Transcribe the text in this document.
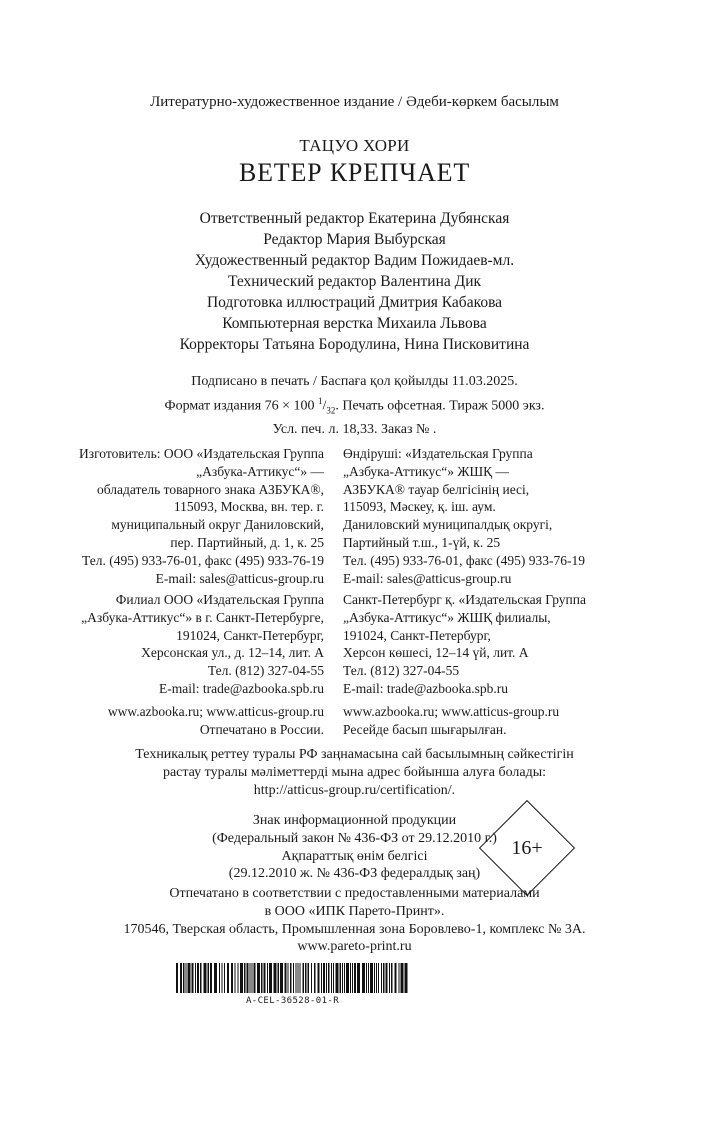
Литературно-художественное издание / Әдеби-көркем басылым
ТАЦУО ХОРИ
ВЕТЕР КРЕПЧАЕТ
Ответственный редактор Екатерина Дубянская
Редактор Мария Выбурская
Художественный редактор Вадим Пожидаев-мл.
Технический редактор Валентина Дик
Подготовка иллюстраций Дмитрия Кабакова
Компьютерная верстка Михаила Львова
Корректоры Татьяна Бородулина, Нина Писковитина
Подписано в печать / Баспаға қол қойылды 11.03.2025.
Формат издания 76 × 100 $^1/_{32}$. Печать офсетная. Тираж 5000 экз.
Усл. печ. л. 18,33. Заказ № .
Изготовитель: ООО «Издательская Группа
„Азбука-Аттикус“» —
обладатель товарного знака АЗБУКА®,
115093, Москва, вн. тер. г.
муниципальный округ Даниловский,
пер. Партийный, д. 1, к. 25
Тел. (495) 933-76-01, факс (495) 933-76-19
E-mail: sales@atticus-group.ru
Өндіруші: «Издательская Группа
„Азбука-Аттикус“» ЖШҚ —
АЗБУКА® тауар белгісінің иесі,
115093, Мәскеу, қ. іш. аум.
Даниловский муниципалдық округі,
Партийный т.ш., 1-үй, к. 25
Тел. (495) 933-76-01, факс (495) 933-76-19
E-mail: sales@atticus-group.ru
Филиал ООО «Издательская Группа
„Азбука-Аттикус“» в г. Санкт-Петербурге,
191024, Санкт-Петербург,
Херсонская ул., д. 12–14, лит. А
Тел. (812) 327-04-55
E-mail: trade@azbooka.spb.ru
Санкт-Петербург қ. «Издательская Группа
„Азбука-Аттикус“» ЖШҚ филиалы,
191024, Санкт-Петербург,
Херсон көшесі, 12–14 үй, лит. А
Тел. (812) 327-04-55
E-mail: trade@azbooka.spb.ru
www.azbooka.ru; www.atticus-group.ru
Отпечатано в России.
www.azbooka.ru; www.atticus-group.ru
Ресейде басып шығарылған.
Техникалық реттеу туралы РФ заңнамасына сай басылымның сәйкестігін
растау туралы мәліметтерді мына адрес бойынша алуға болады:
http://atticus-group.ru/certification/.
Знак информационной продукции
(Федеральный закон № 436-ФЗ от 29.12.2010 г.)
Ақпараттық өнім белгісі
(29.12.2010 ж. № 436-ФЗ федералдық заң)
16+
Отпечатано в соответствии с предоставленными материалами
в ООО «ИПК Парето-Принт».
170546, Тверская область, Промышленная зона Боровлево-1, комплекс № 3А.
www.pareto-print.ru
A-CEL-36528-01-R
